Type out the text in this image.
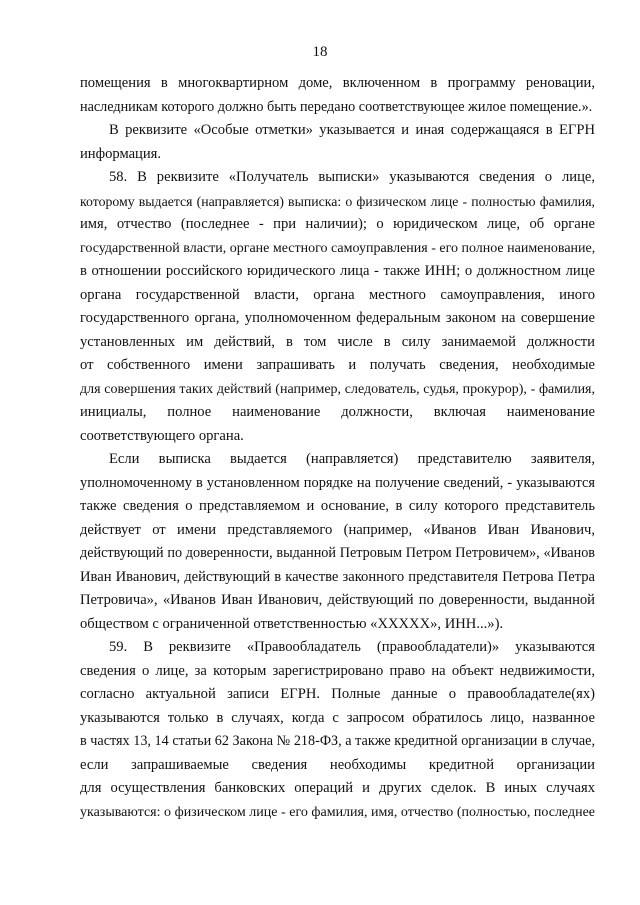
18
помещения в многоквартирном доме, включенном в программу реновации,
наследникам которого должно быть передано соответствующее жилое помещение.».
В реквизите «Особые отметки» указывается и иная содержащаяся в ЕГРН
информация.
58. В реквизите «Получатель выписки» указываются сведения о лице,
которому выдается (направляется) выписка: о физическом лице - полностью фамилия,
имя, отчество (последнее - при наличии); о юридическом лице, об органе
государственной власти, органе местного самоуправления - его полное наименование,
в отношении российского юридического лица - также ИНН; о должностном лице
органа государственной власти, органа местного самоуправления, иного
государственного органа, уполномоченном федеральным законом на совершение
установленных им действий, в том числе в силу занимаемой должности
от собственного имени запрашивать и получать сведения, необходимые
для совершения таких действий (например, следователь, судья, прокурор), - фамилия,
инициалы, полное наименование должности, включая наименование
соответствующего органа.
Если выписка выдается (направляется) представителю заявителя,
уполномоченному в установленном порядке на получение сведений, - указываются
также сведения о представляемом и основание, в силу которого представитель
действует от имени представляемого (например, «Иванов Иван Иванович,
действующий по доверенности, выданной Петровым Петром Петровичем», «Иванов
Иван Иванович, действующий в качестве законного представителя Петрова Петра
Петровича», «Иванов Иван Иванович, действующий по доверенности, выданной
обществом с ограниченной ответственностью «ХХХХХ», ИНН...»).
59. В реквизите «Правообладатель (правообладатели)» указываются
сведения о лице, за которым зарегистрировано право на объект недвижимости,
согласно актуальной записи ЕГРН. Полные данные о правообладателе(ях)
указываются только в случаях, когда с запросом обратилось лицо, названное
в частях 13, 14 статьи 62 Закона № 218-ФЗ, а также кредитной организации в случае,
если запрашиваемые сведения необходимы кредитной организации
для осуществления банковских операций и других сделок. В иных случаях
указываются: о физическом лице - его фамилия, имя, отчество (полностью, последнее
